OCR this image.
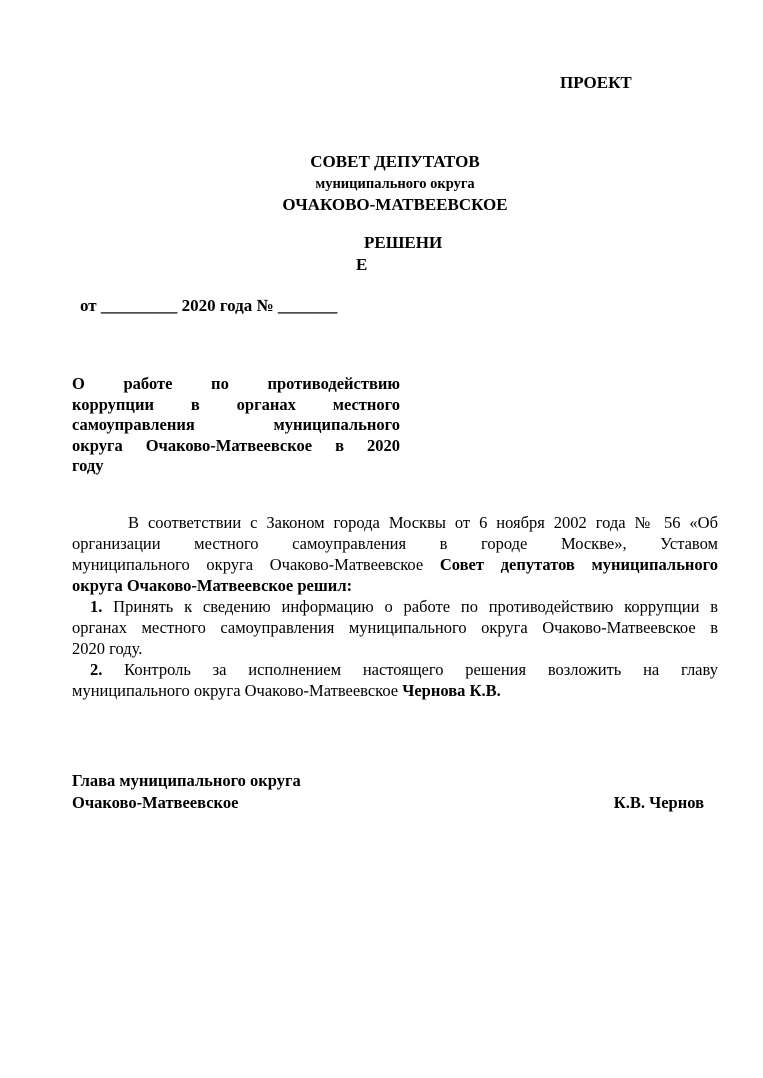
ПРОЕКТ
СОВЕТ ДЕПУТАТОВ
муниципального округа
ОЧАКОВО-МАТВЕЕВСКОЕ
РЕШЕНИ
Е
от _________ 2020 года № _______
О работе по противодействию
коррупции в органах местного
самоуправления муниципального
округа Очаково-Матвеевское в 2020
году
В соответствии с Законом города Москвы от 6 ноября 2002 года № 56 «Об
организации местного самоуправления в городе Москве», Уставом
муниципального округа Очаково-Матвеевское Совет депутатов муниципального
округа Очаково-Матвеевское решил:
1. Принять к сведению информацию о работе по противодействию коррупции в
органах местного самоуправления муниципального округа Очаково-Матвеевское в
2020 году.
2. Контроль за исполнением настоящего решения возложить на главу
муниципального округа Очаково-Матвеевское Чернова К.В.
Глава муниципального округа
Очаково-Матвеевское	К.В. Чернов
